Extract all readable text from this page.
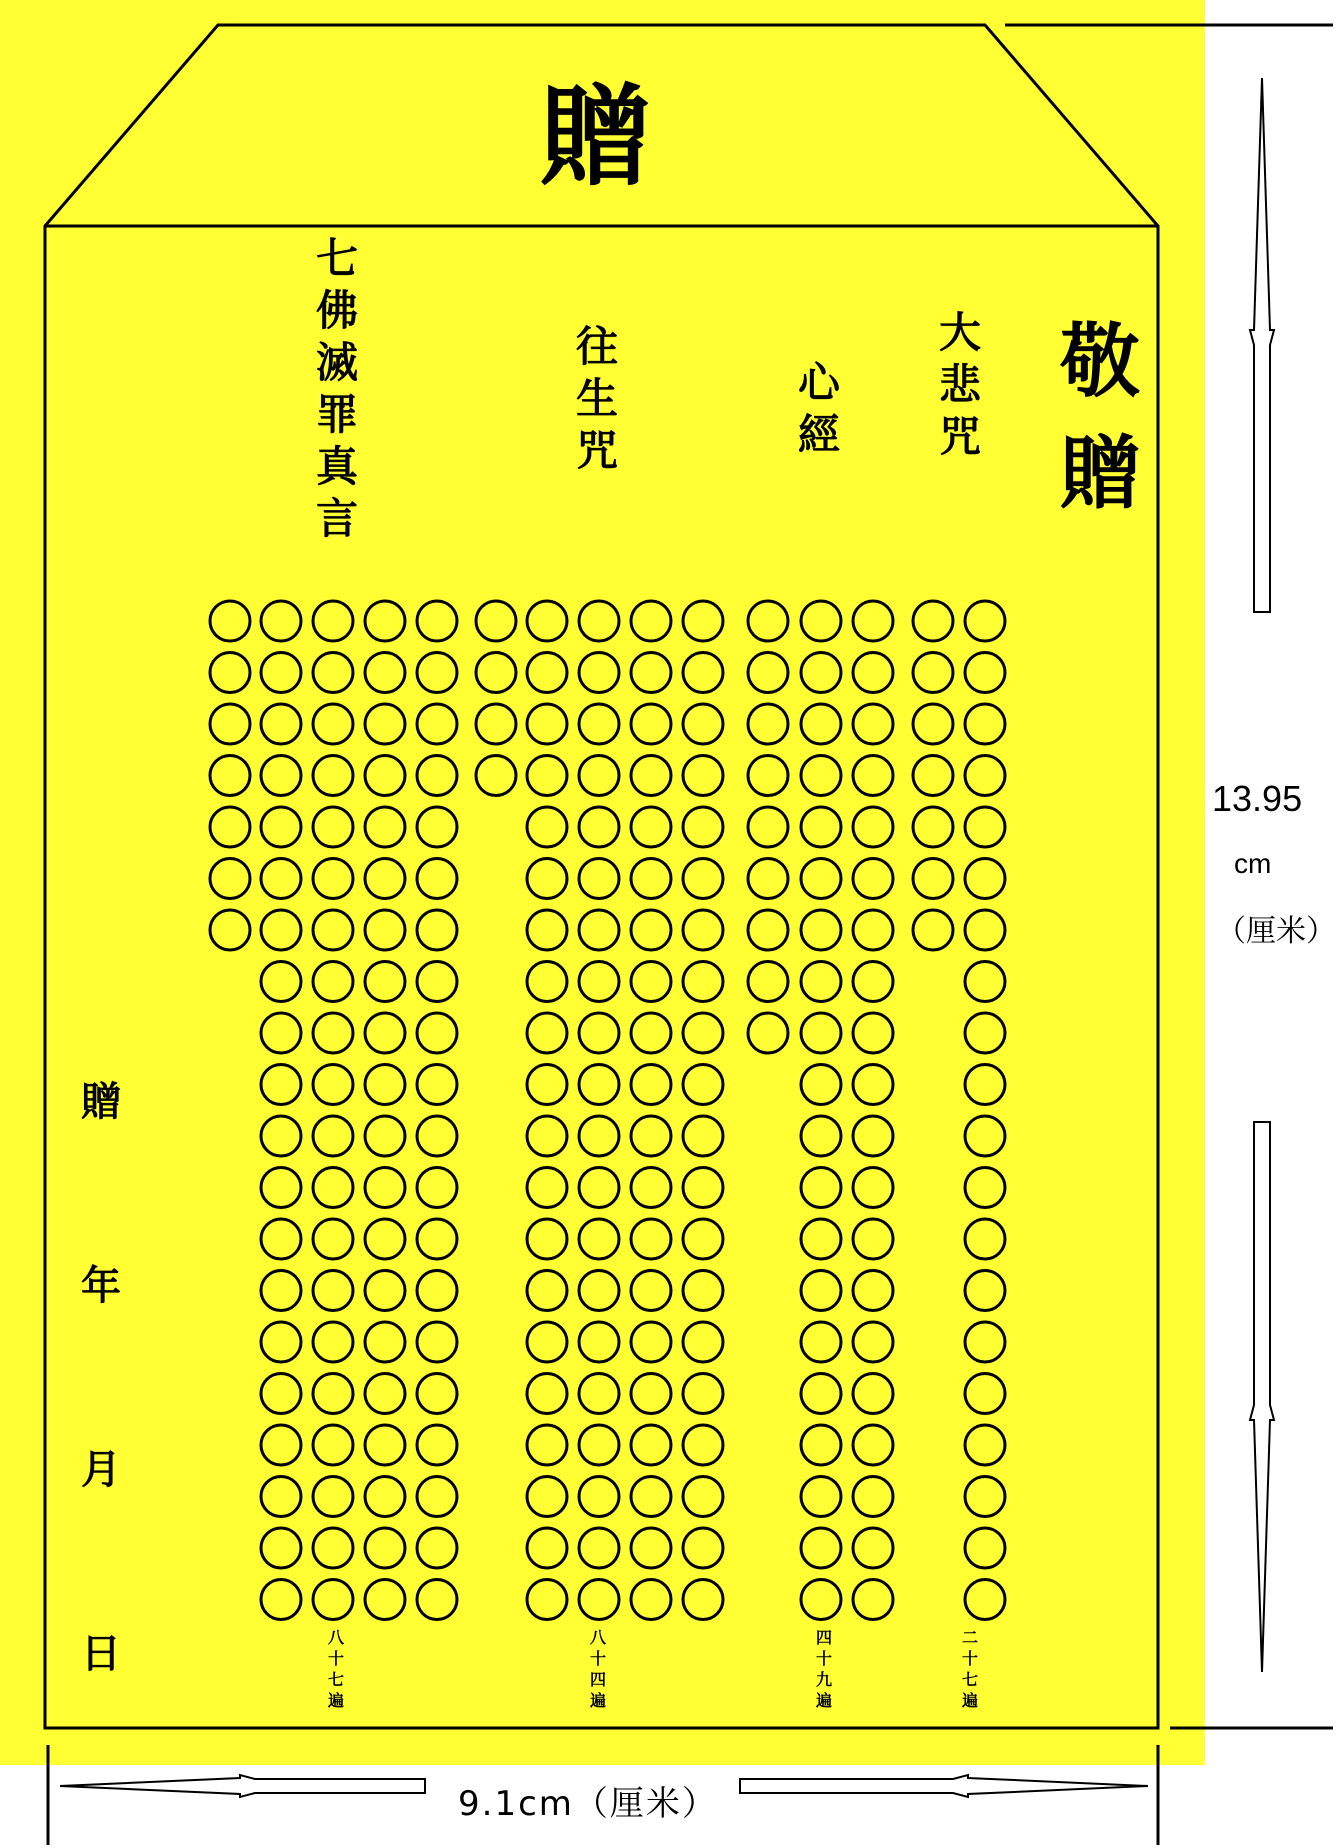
贈
敬
贈
大
悲
咒
心
經
往
生
咒
七
佛
滅
罪
真
言
二
十
七
遍
四
十
九
遍
八
十
四
遍
八
十
七
遍
贈
年
月
日
13.95
cm
（厘米）
9.1cm（厘米）
